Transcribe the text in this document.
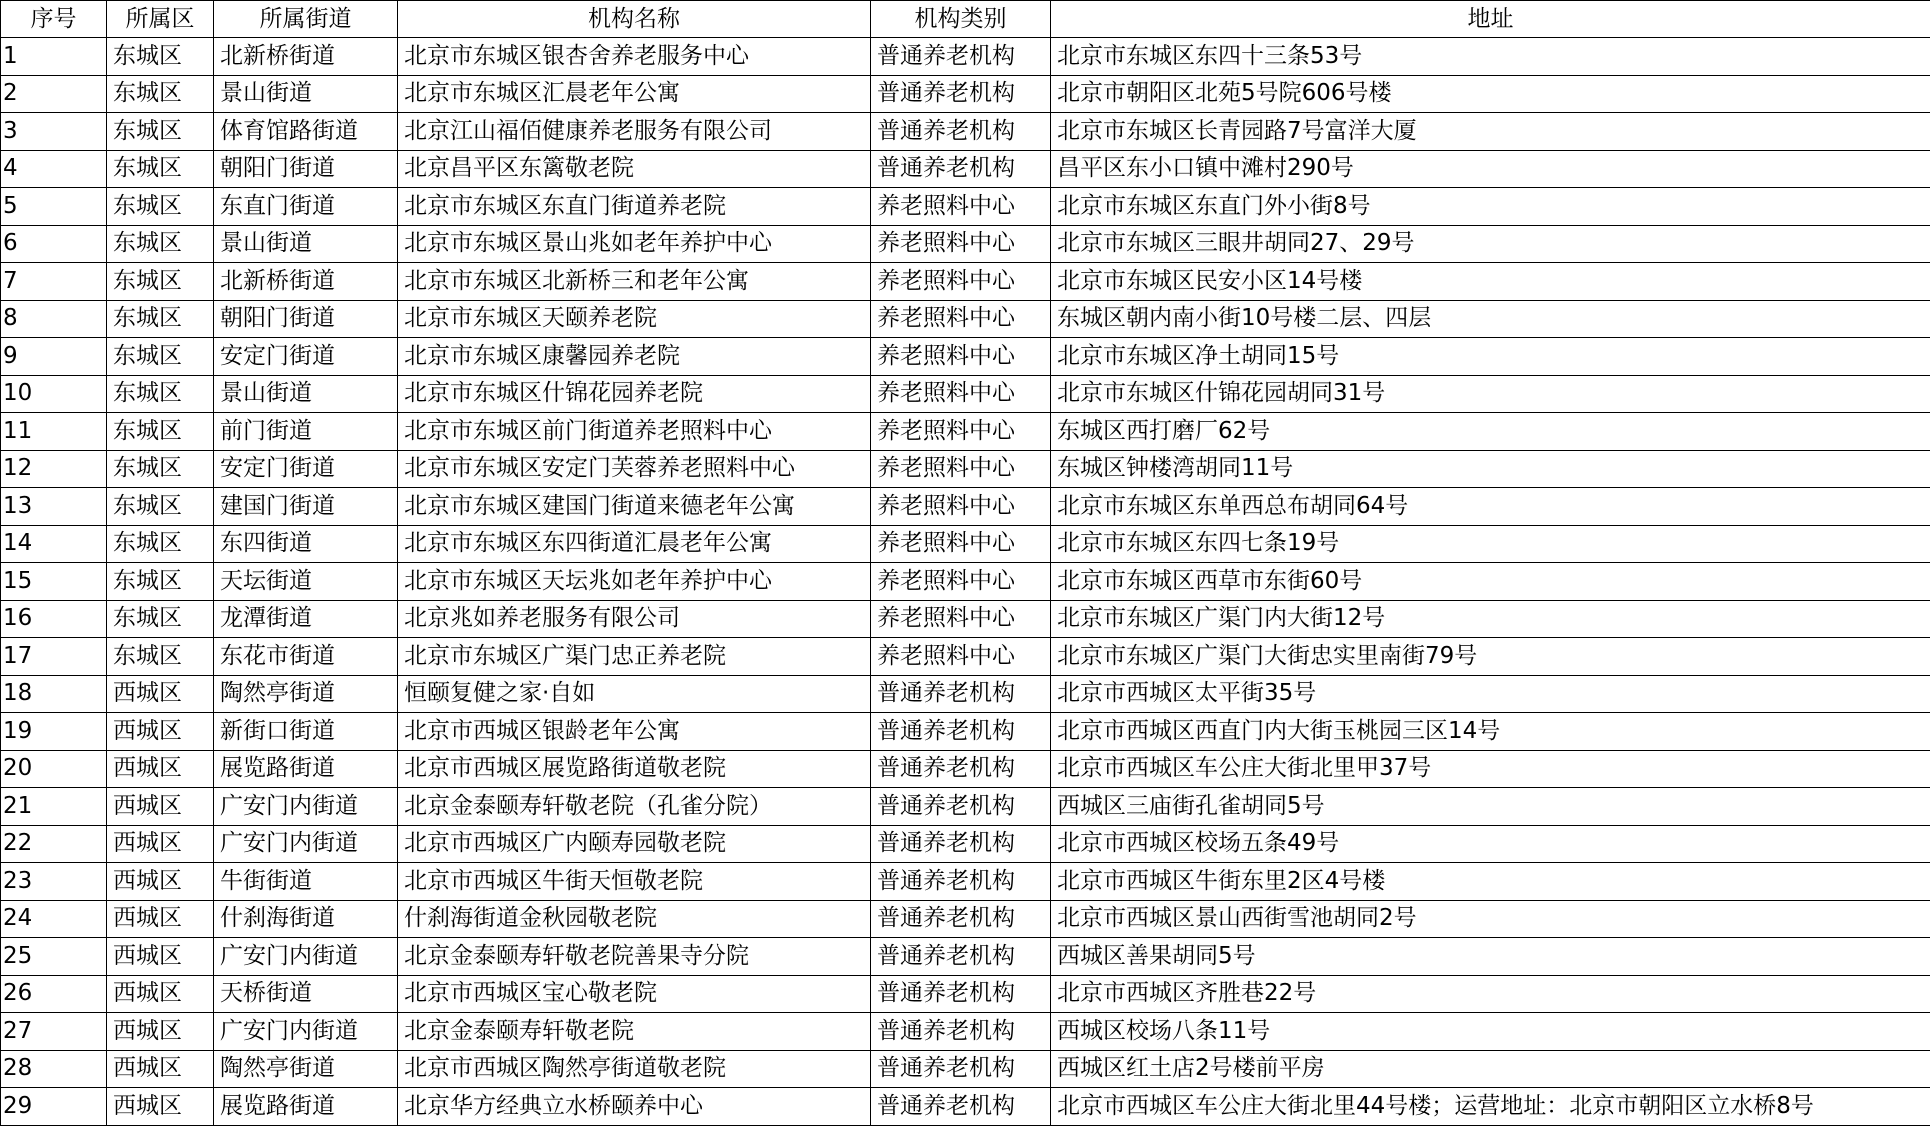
序号	所属区	所属街道	机构名称	机构类别	地址
1	东城区	北新桥街道	北京市东城区银杏舍养老服务中心	普通养老机构	北京市东城区东四十三条53号
2	东城区	景山街道	北京市东城区汇晨老年公寓	普通养老机构	北京市朝阳区北苑5号院606号楼
3	东城区	体育馆路街道	北京江山福佰健康养老服务有限公司	普通养老机构	北京市东城区长青园路7号富洋大厦
4	东城区	朝阳门街道	北京昌平区东篱敬老院	普通养老机构	昌平区东小口镇中滩村290号
5	东城区	东直门街道	北京市东城区东直门街道养老院	养老照料中心	北京市东城区东直门外小街8号
6	东城区	景山街道	北京市东城区景山兆如老年养护中心	养老照料中心	北京市东城区三眼井胡同27、29号
7	东城区	北新桥街道	北京市东城区北新桥三和老年公寓	养老照料中心	北京市东城区民安小区14号楼
8	东城区	朝阳门街道	北京市东城区天颐养老院	养老照料中心	东城区朝内南小街10号楼二层、四层
9	东城区	安定门街道	北京市东城区康馨园养老院	养老照料中心	北京市东城区净土胡同15号
10	东城区	景山街道	北京市东城区什锦花园养老院	养老照料中心	北京市东城区什锦花园胡同31号
11	东城区	前门街道	北京市东城区前门街道养老照料中心	养老照料中心	东城区西打磨厂62号
12	东城区	安定门街道	北京市东城区安定门芙蓉养老照料中心	养老照料中心	东城区钟楼湾胡同11号
13	东城区	建国门街道	北京市东城区建国门街道来德老年公寓	养老照料中心	北京市东城区东单西总布胡同64号
14	东城区	东四街道	北京市东城区东四街道汇晨老年公寓	养老照料中心	北京市东城区东四七条19号
15	东城区	天坛街道	北京市东城区天坛兆如老年养护中心	养老照料中心	北京市东城区西草市东街60号
16	东城区	龙潭街道	北京兆如养老服务有限公司	养老照料中心	北京市东城区广渠门内大街12号
17	东城区	东花市街道	北京市东城区广渠门忠正养老院	养老照料中心	北京市东城区广渠门大街忠实里南街79号
18	西城区	陶然亭街道	恒颐复健之家·自如	普通养老机构	北京市西城区太平街35号
19	西城区	新街口街道	北京市西城区银龄老年公寓	普通养老机构	北京市西城区西直门内大街玉桃园三区14号
20	西城区	展览路街道	北京市西城区展览路街道敬老院	普通养老机构	北京市西城区车公庄大街北里甲37号
21	西城区	广安门内街道	北京金泰颐寿轩敬老院（孔雀分院）	普通养老机构	西城区三庙街孔雀胡同5号
22	西城区	广安门内街道	北京市西城区广内颐寿园敬老院	普通养老机构	北京市西城区校场五条49号
23	西城区	牛街街道	北京市西城区牛街天恒敬老院	普通养老机构	北京市西城区牛街东里2区4号楼
24	西城区	什刹海街道	什刹海街道金秋园敬老院	普通养老机构	北京市西城区景山西街雪池胡同2号
25	西城区	广安门内街道	北京金泰颐寿轩敬老院善果寺分院	普通养老机构	西城区善果胡同5号
26	西城区	天桥街道	北京市西城区宝心敬老院	普通养老机构	北京市西城区齐胜巷22号
27	西城区	广安门内街道	北京金泰颐寿轩敬老院	普通养老机构	西城区校场八条11号
28	西城区	陶然亭街道	北京市西城区陶然亭街道敬老院	普通养老机构	西城区红土店2号楼前平房
29	西城区	展览路街道	北京华方经典立水桥颐养中心	普通养老机构	北京市西城区车公庄大街北里44号楼；运营地址：北京市朝阳区立水桥8号
